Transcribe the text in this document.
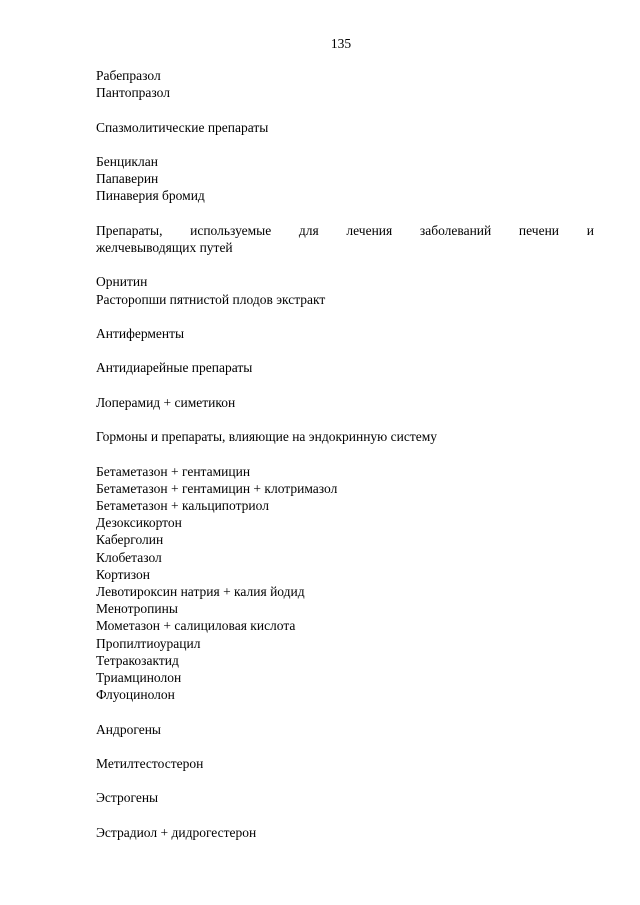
135
Рабепразол
Пантопразол
Спазмолитические препараты
Бенциклан
Папаверин
Пинаверия бромид
Препараты, используемые для лечения заболеваний печени и
желчевыводящих путей
Орнитин
Расторопши пятнистой плодов экстракт
Антиферменты
Антидиарейные препараты
Лоперамид + симетикон
Гормоны и препараты, влияющие на эндокринную систему
Бетаметазон + гентамицин
Бетаметазон + гентамицин + клотримазол
Бетаметазон + кальципотриол
Дезоксикортон
Каберголин
Клобетазол
Кортизон
Левотироксин натрия + калия йодид
Менотропины
Мометазон + салициловая кислота
Пропилтиоурацил
Тетракозактид
Триамцинолон
Флуоцинолон
Андрогены
Метилтестостерон
Эстрогены
Эстрадиол + дидрогестерон
